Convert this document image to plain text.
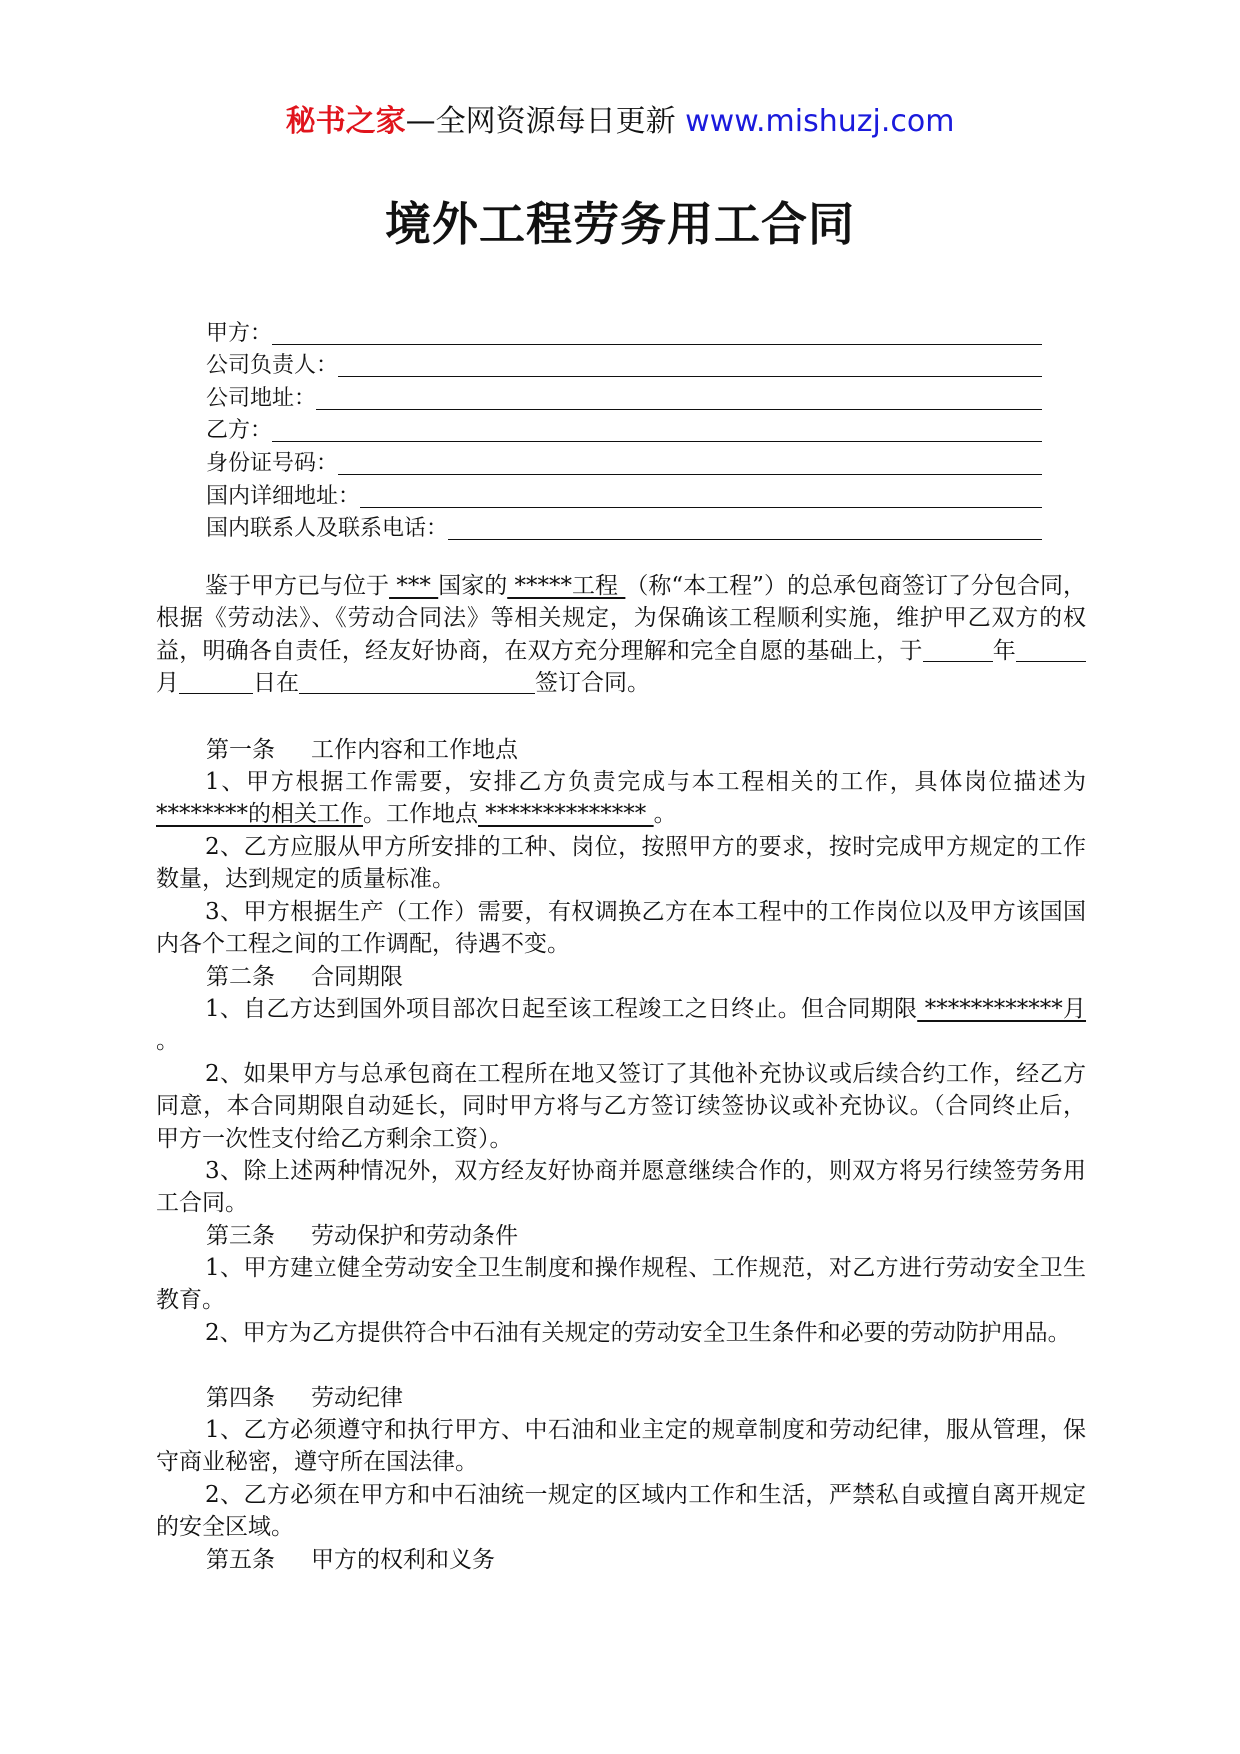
秘书之家—全网资源每日更新 www.mishuzj.com
境外工程劳务用工合同
甲方：
公司负责人：
公司地址：
乙方：
身份证号码：
国内详细地址：
国内联系人及联系电话：
鉴于甲方已与位于 *** 国家的 *****工程 （称“本工程”）的总承包商签订了分包合同，根据《劳动法》、《劳动合同法》等相关规定，为保确该工程顺利实施，维护甲乙双方的权益，明确各自责任，经友好协商，在双方充分理解和完全自愿的基础上，于	年月	日在	签订合同。
第一条 工作内容和工作地点
1、甲方根据工作需要，安排乙方负责完成与本工程相关的工作，具体岗位描述为********的相关工作。工作地点 ************** 。
2、乙方应服从甲方所安排的工种、岗位，按照甲方的要求，按时完成甲方规定的工作数量，达到规定的质量标准。
3、甲方根据生产（工作）需要，有权调换乙方在本工程中的工作岗位以及甲方该国国内各个工程之间的工作调配，待遇不变。
第二条 合同期限
1、自乙方达到国外项目部次日起至该工程竣工之日终止。但合同期限 ************月 。
2、如果甲方与总承包商在工程所在地又签订了其他补充协议或后续合约工作，经乙方同意，本合同期限自动延长，同时甲方将与乙方签订续签协议或补充协议。（合同终止后，甲方一次性支付给乙方剩余工资）。
3、除上述两种情况外，双方经友好协商并愿意继续合作的，则双方将另行续签劳务用工合同。
第三条 劳动保护和劳动条件
1、甲方建立健全劳动安全卫生制度和操作规程、工作规范，对乙方进行劳动安全卫生教育。
2、甲方为乙方提供符合中石油有关规定的劳动安全卫生条件和必要的劳动防护用品。
第四条 劳动纪律
1、乙方必须遵守和执行甲方、中石油和业主定的规章制度和劳动纪律，服从管理，保守商业秘密，遵守所在国法律。
2、乙方必须在甲方和中石油统一规定的区域内工作和生活，严禁私自或擅自离开规定的安全区域。
第五条 甲方的权利和义务
